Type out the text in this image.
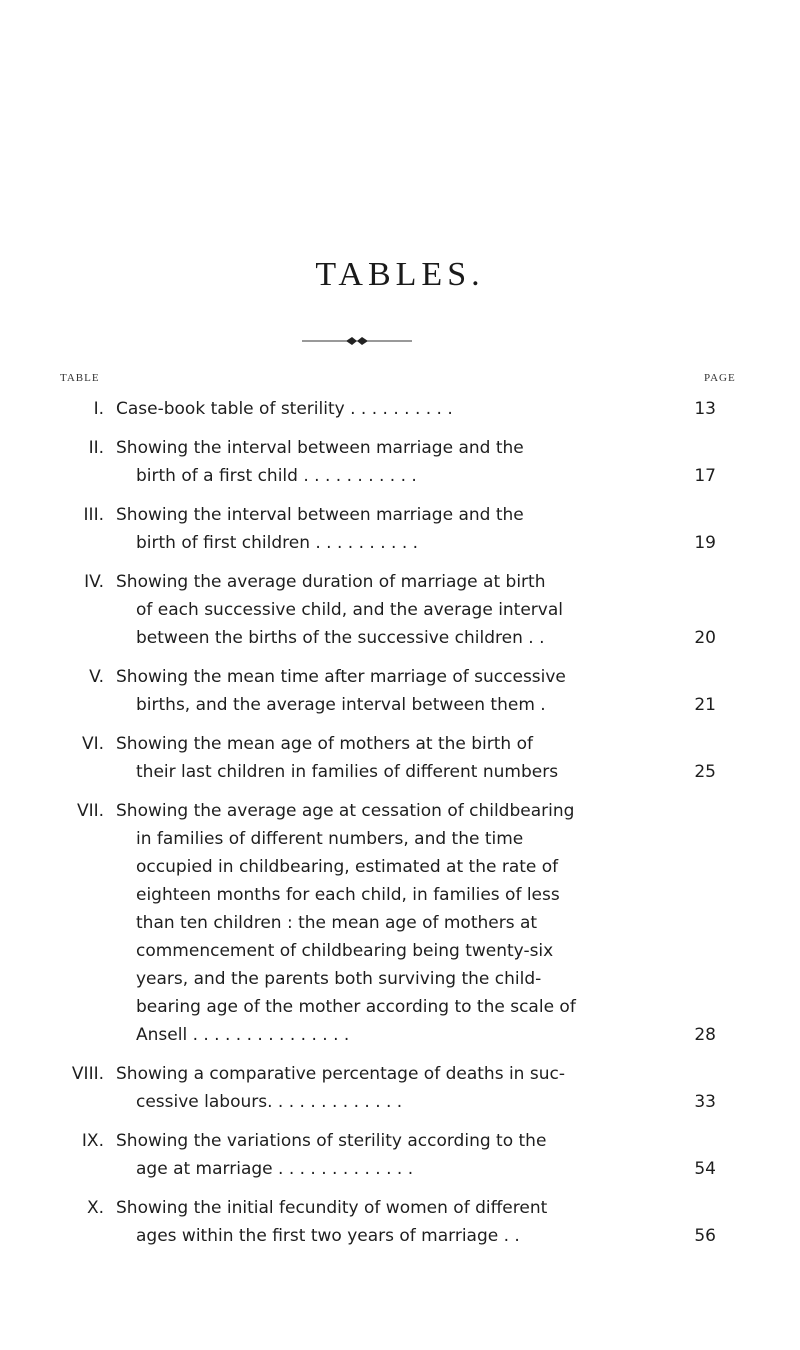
TABLES.
TABLE	PAGE
I. Case-book table of sterility . . . . . . . . . .	13
II. Showing the interval between marriage and the
birth of a first child . . . . . . . . . . .	17
III. Showing the interval between marriage and the
birth of first children . . . . . . . . . .	19
IV. Showing the average duration of marriage at birth
of each successive child, and the average interval
between the births of the successive children . .	20
V. Showing the mean time after marriage of successive
births, and the average interval between them .	21
VI. Showing the mean age of mothers at the birth of
their last children in families of different numbers	25
VII. Showing the average age at cessation of childbearing
in families of different numbers, and the time
occupied in childbearing, estimated at the rate of
eighteen months for each child, in families of less
than ten children : the mean age of mothers at
commencement of childbearing being twenty-six
years, and the parents both surviving the child-
bearing age of the mother according to the scale of
Ansell . . . . . . . . . . . . . . .	28
VIII. Showing a comparative percentage of deaths in suc-
cessive labours. . . . . . . . . . . . .	33
IX. Showing the variations of sterility according to the
age at marriage . . . . . . . . . . . . .	54
X. Showing the initial fecundity of women of different
ages within the first two years of marriage . .	56
